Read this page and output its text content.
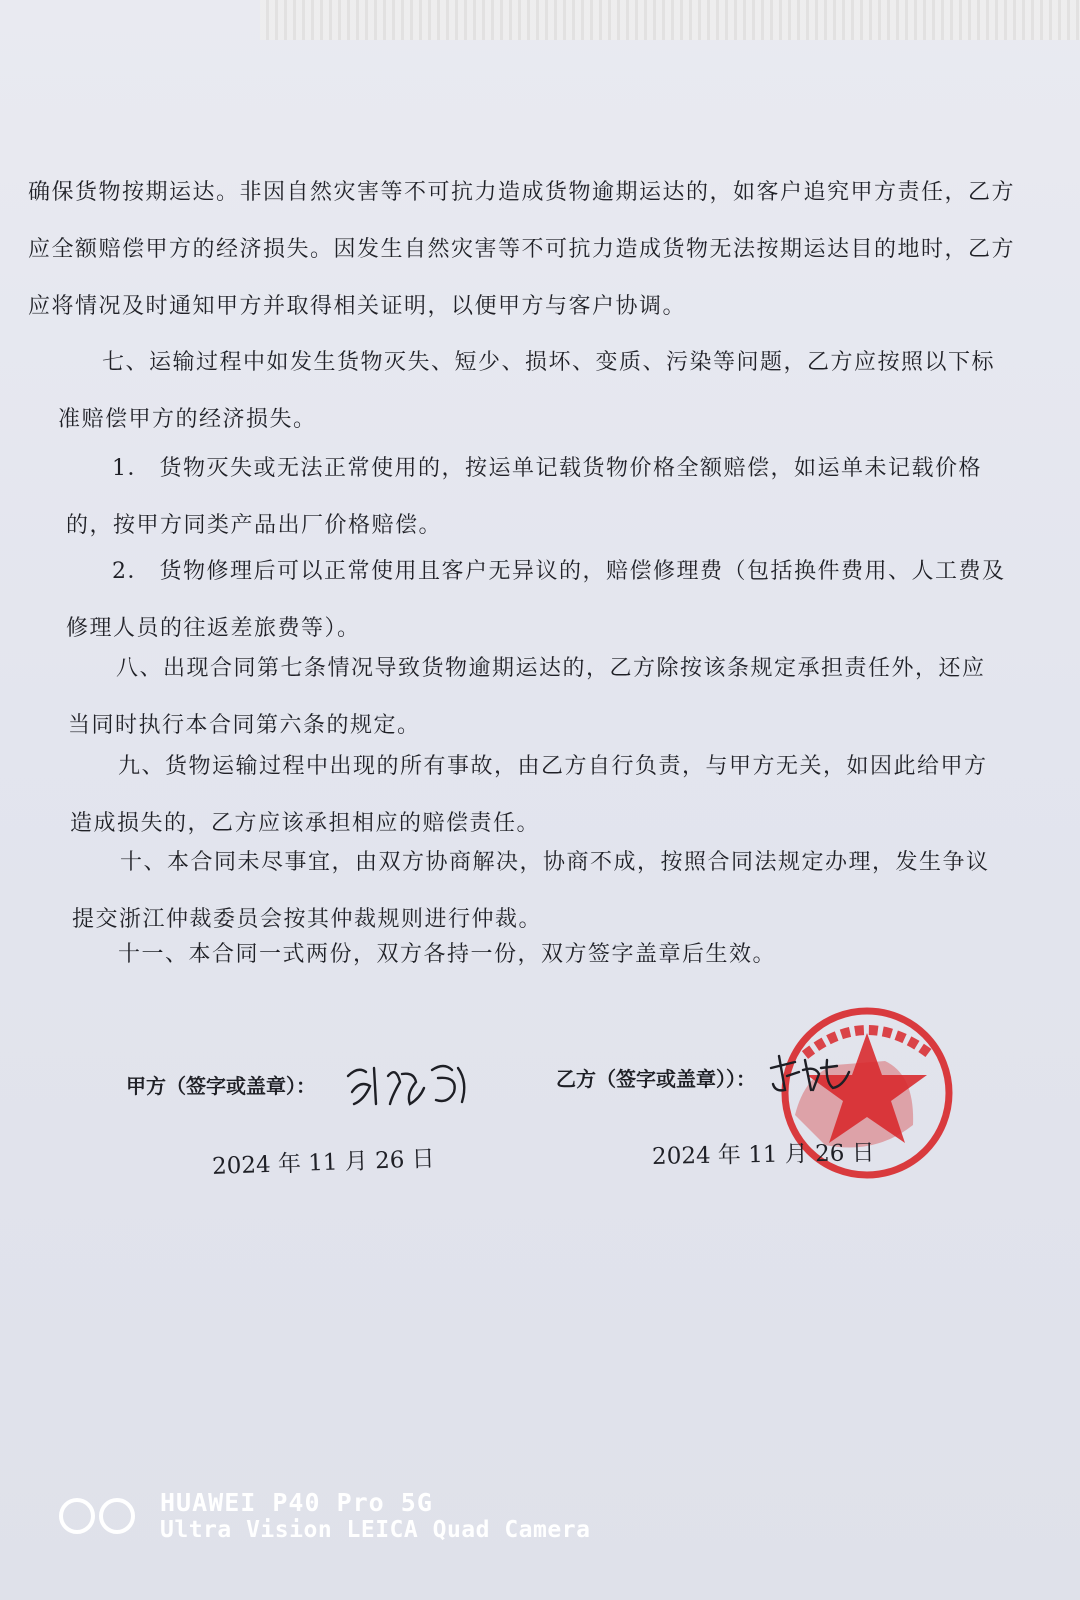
确保货物按期运达。非因自然灾害等不可抗力造成货物逾期运达的，如客户追究甲方责任，乙方应全额赔偿甲方的经济损失。因发生自然灾害等不可抗力造成货物无法按期运达目的地时，乙方应将情况及时通知甲方并取得相关证明，以便甲方与客户协调。

七、运输过程中如发生货物灭失、短少、损坏、变质、污染等问题，乙方应按照以下标准赔偿甲方的经济损失。

1． 货物灭失或无法正常使用的，按运单记载货物价格全额赔偿，如运单未记载价格的，按甲方同类产品出厂价格赔偿。

2． 货物修理后可以正常使用且客户无异议的，赔偿修理费（包括换件费用、人工费及修理人员的往返差旅费等）。

八、出现合同第七条情况导致货物逾期运达的，乙方除按该条规定承担责任外，还应当同时执行本合同第六条的规定。

九、货物运输过程中出现的所有事故，由乙方自行负责，与甲方无关，如因此给甲方造成损失的，乙方应该承担相应的赔偿责任。

十、本合同未尽事宜，由双方协商解决，协商不成，按照合同法规定办理，发生争议提交浙江仲裁委员会按其仲裁规则进行仲裁。

十一、本合同一式两份，双方各持一份，双方签字盖章后生效。

甲方（签字或盖章）：
2024 年 11 月 26 日
乙方（签字或盖章））：
2024 年 11 月 26 日
HUAWEI P40 Pro 5G
Ultra Vision LEICA Quad Camera
